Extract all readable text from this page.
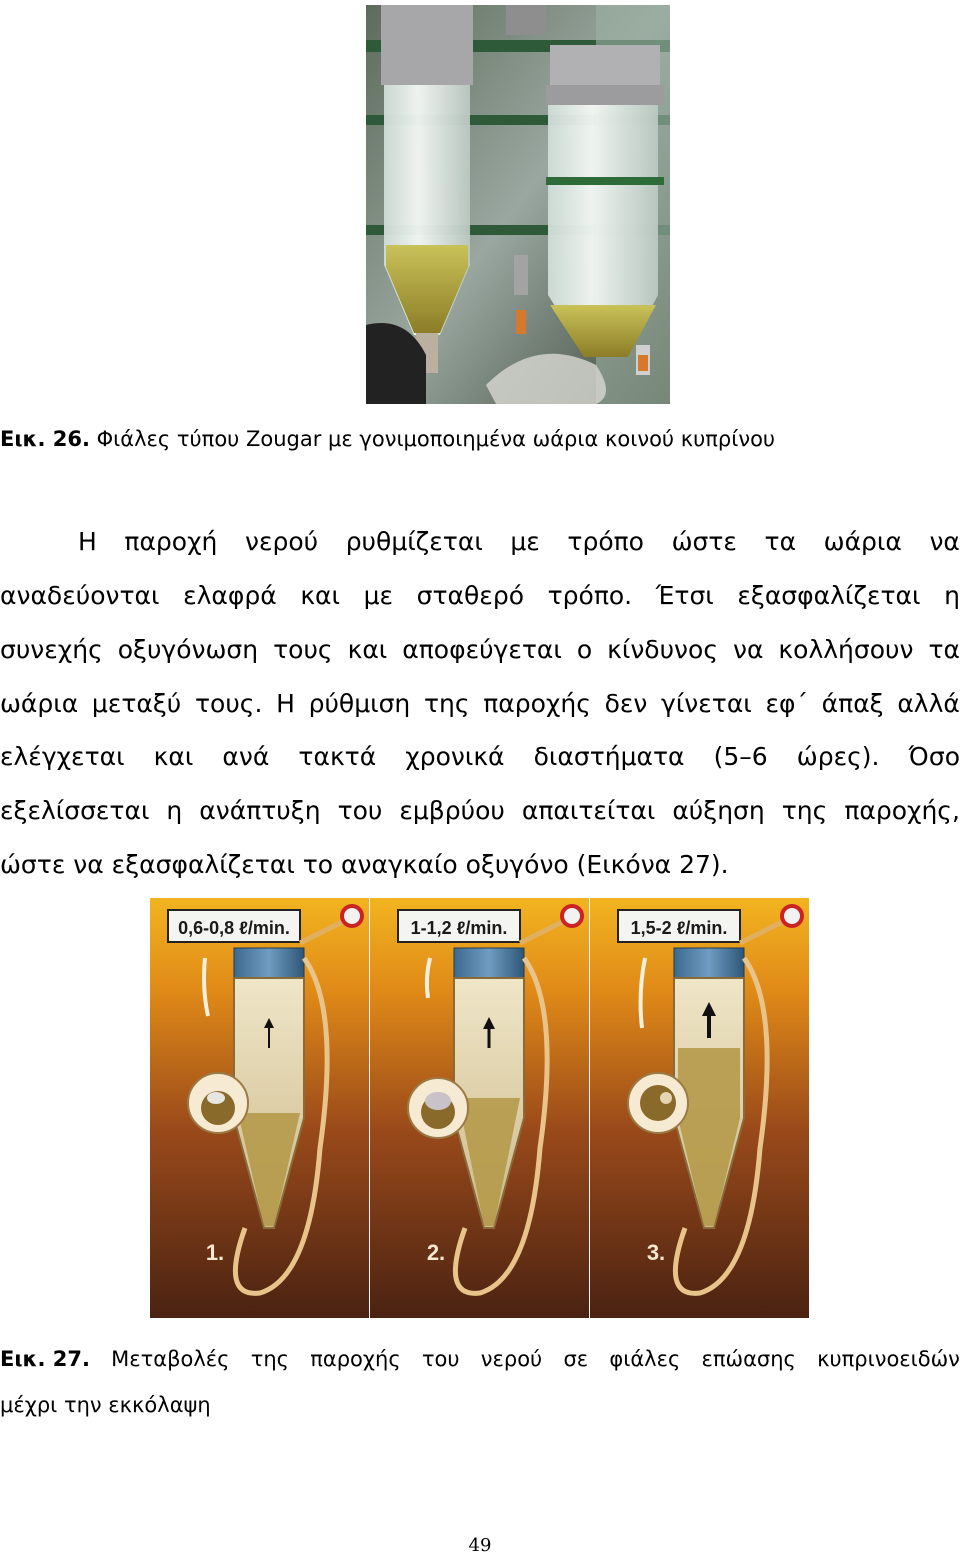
Εικ. 26. Φιάλες τύπου Zougar με γονιμοποιημένα ωάρια κοινού κυπρίνου
Η παροχή νερού ρυθμίζεται με τρόπο ώστε τα ωάρια να
αναδεύονται ελαφρά και με σταθερό τρόπο. Έτσι εξασφαλίζεται η
συνεχής οξυγόνωση τους και αποφεύγεται ο κίνδυνος να κολλήσουν τα
ωάρια μεταξύ τους. Η ρύθμιση της παροχής δεν γίνεται εφ΄ άπαξ αλλά
ελέγχεται και ανά τακτά χρονικά διαστήματα (5–6 ώρες). Όσο
εξελίσσεται η ανάπτυξη του εμβρύου απαιτείται αύξηση της παροχής,
ώστε να εξασφαλίζεται το αναγκαίο οξυγόνο (Εικόνα 27).
0,6-0,8 ℓ/min.
1.
1-1,2 ℓ/min.
2.
1,5-2 ℓ/min.
3.
Εικ. 27. Μεταβολές της παροχής του νερού σε φιάλες επώασης κυπρινοειδών
μέχρι την εκκόλαψη
49
